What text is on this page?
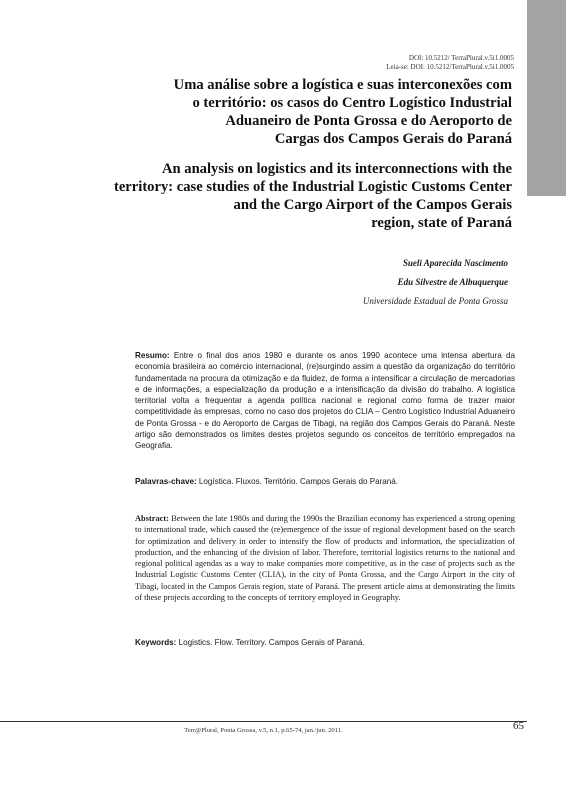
DOI: 10.5212/ TerraPlural.v.5i1.0005
Leia-se: DOI: 10.5212/TerraPlural.v.5i1.0005
Uma análise sobre a logística e suas interconexões com
o território: os casos do Centro Logístico Industrial
Aduaneiro de Ponta Grossa e do Aeroporto de
Cargas dos Campos Gerais do Paraná
An analysis on logistics and its interconnections with the
territory: case studies of the Industrial Logistic Customs Center
and the Cargo Airport of the Campos Gerais
region, state of Paraná
Sueli Aparecida Nascimento
Edu Silvestre de Albuquerque
Universidade Estadual de Ponta Grossa
Resumo: Entre o final dos anos 1980 e durante os anos 1990 acontece uma intensa abertura da economia brasileira ao comércio internacional, (re)surgindo assim a questão da organização do território fundamentada na procura da otimização e da fluidez, de forma a intensificar a circulação de mercadorias e de informações, a especialização da produção e a intensificação da divisão do trabalho. A logística territorial volta a frequentar a agenda política nacional e regional como forma de trazer maior competitividade às empresas, como no caso dos projetos do CLIA – Centro Logístico Industrial Aduaneiro de Ponta Grossa - e do Aeroporto de Cargas de Tibagi, na região dos Campos Gerais do Paraná. Neste artigo são demonstrados os limites destes projetos segundo os conceitos de território empregados na Geografia.
Palavras-chave: Logística. Fluxos. Território. Campos Gerais do Paraná.
Abstract: Between the late 1980s and during the 1990s the Brazilian economy has experienced a strong opening to international trade, which caused the (re)emergence of the issue of regional development based on the search for optimization and delivery in order to intensify the flow of products and information, the specialization of production, and the enhancing of the division of labor. Therefore, territorial logistics returns to the national and regional political agendas as a way to make companies more competitive, as in the case of projects such as the Industrial Logistic Customs Center (CLIA), in the city of Ponta Grossa, and the Cargo Airport in the city of Tibagi, located in the Campos Gerais region, state of Paraná. The present article aims at demonstrating the limits of these projects according to the concepts of territory employed in Geography.
Keywords: Logistics. Flow. Territory. Campos Gerais of Paraná.
Terr@Plural, Ponta Grossa, v.5, n.1, p.65-74, jan./jun. 2011.	65
